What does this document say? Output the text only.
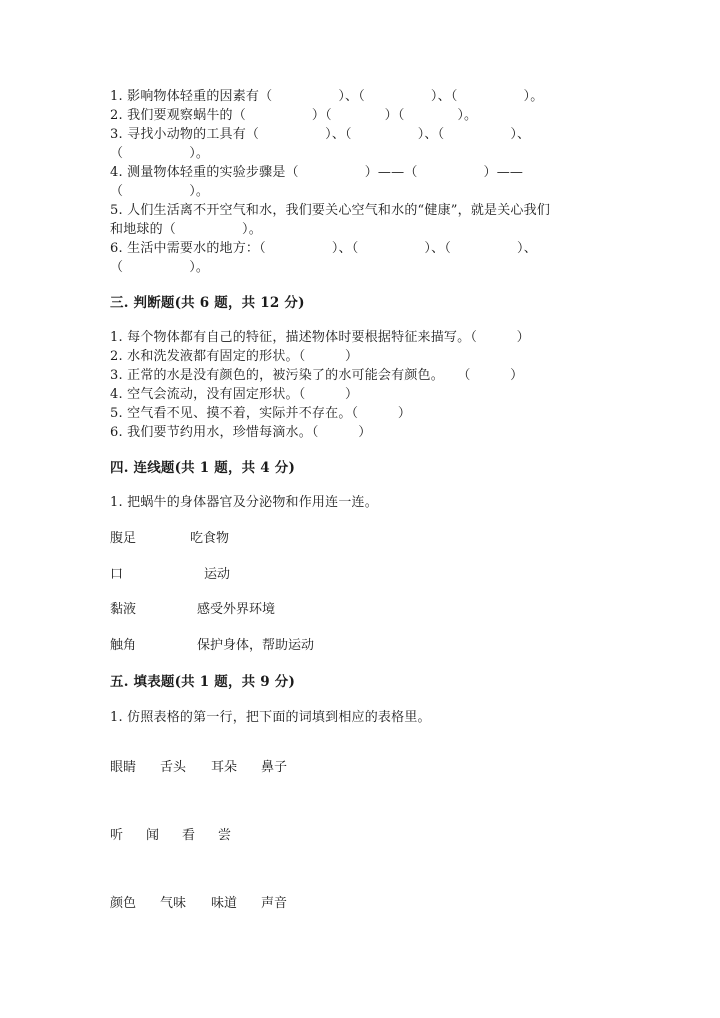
1. 影响物体轻重的因素有（　　　　　）、（　　　　　）、（　　　　　）。
2. 我们要观察蜗牛的（　　　　　）（　　　　）（　　　　）。
3. 寻找小动物的工具有（　　　　　）、（　　　　　）、（　　　　　）、
（　　　　　）。
4. 测量物体轻重的实验步骤是（　　　　　）——（　　　　　）——
（　　　　　）。
5. 人们生活离不开空气和水，我们要关心空气和水的“健康”，就是关心我们
和地球的（　　　　　）。
6. 生活中需要水的地方：（　　　　　）、（　　　　　）、（　　　　　）、
（　　　　　）。
三. 判断题(共 6 题，共 12 分)
1. 每个物体都有自己的特征，描述物体时要根据特征来描写。（　　　）
2. 水和洗发液都有固定的形状。（　　　）
3. 正常的水是没有颜色的，被污染了的水可能会有颜色。　　（　　　）
4. 空气会流动，没有固定形状。（　　　）
5. 空气看不见、摸不着，实际并不存在。（　　　）
6. 我们要节约用水，珍惜每滴水。（　　　）
四. 连线题(共 1 题，共 4 分)
1. 把蜗牛的身体器官及分泌物和作用连一连。
腹足	吃食物
口	运动
黏液	感受外界环境
触角	保护身体，帮助运动
五. 填表题(共 1 题，共 9 分)
1. 仿照表格的第一行，把下面的词填到相应的表格里。
眼睛 舌头 耳朵 鼻子
听 闻 看 尝
颜色 气味 味道 声音
